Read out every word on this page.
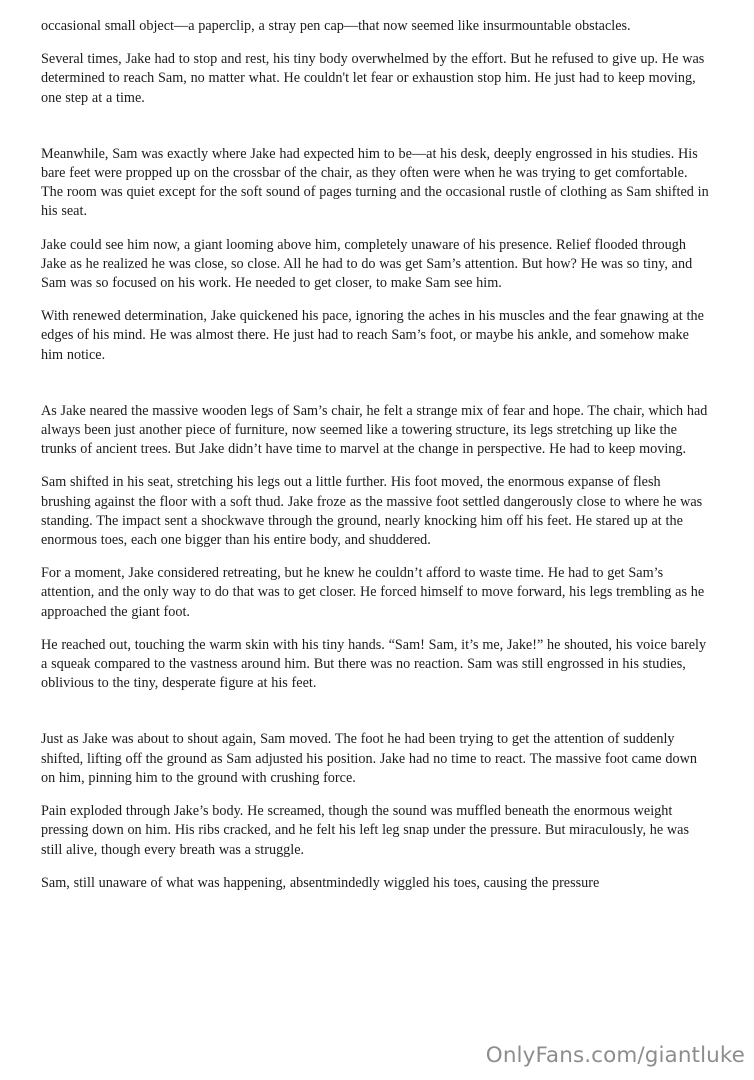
occasional small object—a paperclip, a stray pen cap—that now seemed like insurmountable obstacles.

Several times, Jake had to stop and rest, his tiny body overwhelmed by the effort. But he refused to give up. He was determined to reach Sam, no matter what. He couldn't let fear or exhaustion stop him. He just had to keep moving, one step at a time.

Meanwhile, Sam was exactly where Jake had expected him to be—at his desk, deeply engrossed in his studies. His bare feet were propped up on the crossbar of the chair, as they often were when he was trying to get comfortable. The room was quiet except for the soft sound of pages turning and the occasional rustle of clothing as Sam shifted in his seat.

Jake could see him now, a giant looming above him, completely unaware of his presence. Relief flooded through Jake as he realized he was close, so close. All he had to do was get Sam’s attention. But how? He was so tiny, and Sam was so focused on his work. He needed to get closer, to make Sam see him.

With renewed determination, Jake quickened his pace, ignoring the aches in his muscles and the fear gnawing at the edges of his mind. He was almost there. He just had to reach Sam’s foot, or maybe his ankle, and somehow make him notice.

As Jake neared the massive wooden legs of Sam’s chair, he felt a strange mix of fear and hope. The chair, which had always been just another piece of furniture, now seemed like a towering structure, its legs stretching up like the trunks of ancient trees. But Jake didn’t have time to marvel at the change in perspective. He had to keep moving.

Sam shifted in his seat, stretching his legs out a little further. His foot moved, the enormous expanse of flesh brushing against the floor with a soft thud. Jake froze as the massive foot settled dangerously close to where he was standing. The impact sent a shockwave through the ground, nearly knocking him off his feet. He stared up at the enormous toes, each one bigger than his entire body, and shuddered.

For a moment, Jake considered retreating, but he knew he couldn’t afford to waste time. He had to get Sam’s attention, and the only way to do that was to get closer. He forced himself to move forward, his legs trembling as he approached the giant foot.

He reached out, touching the warm skin with his tiny hands. “Sam! Sam, it’s me, Jake!” he shouted, his voice barely a squeak compared to the vastness around him. But there was no reaction. Sam was still engrossed in his studies, oblivious to the tiny, desperate figure at his feet.

Just as Jake was about to shout again, Sam moved. The foot he had been trying to get the attention of suddenly shifted, lifting off the ground as Sam adjusted his position. Jake had no time to react. The massive foot came down on him, pinning him to the ground with crushing force.

Pain exploded through Jake’s body. He screamed, though the sound was muffled beneath the enormous weight pressing down on him. His ribs cracked, and he felt his left leg snap under the pressure. But miraculously, he was still alive, though every breath was a struggle.

Sam, still unaware of what was happening, absentmindedly wiggled his toes, causing the pressure

OnlyFans.com/giantluke
